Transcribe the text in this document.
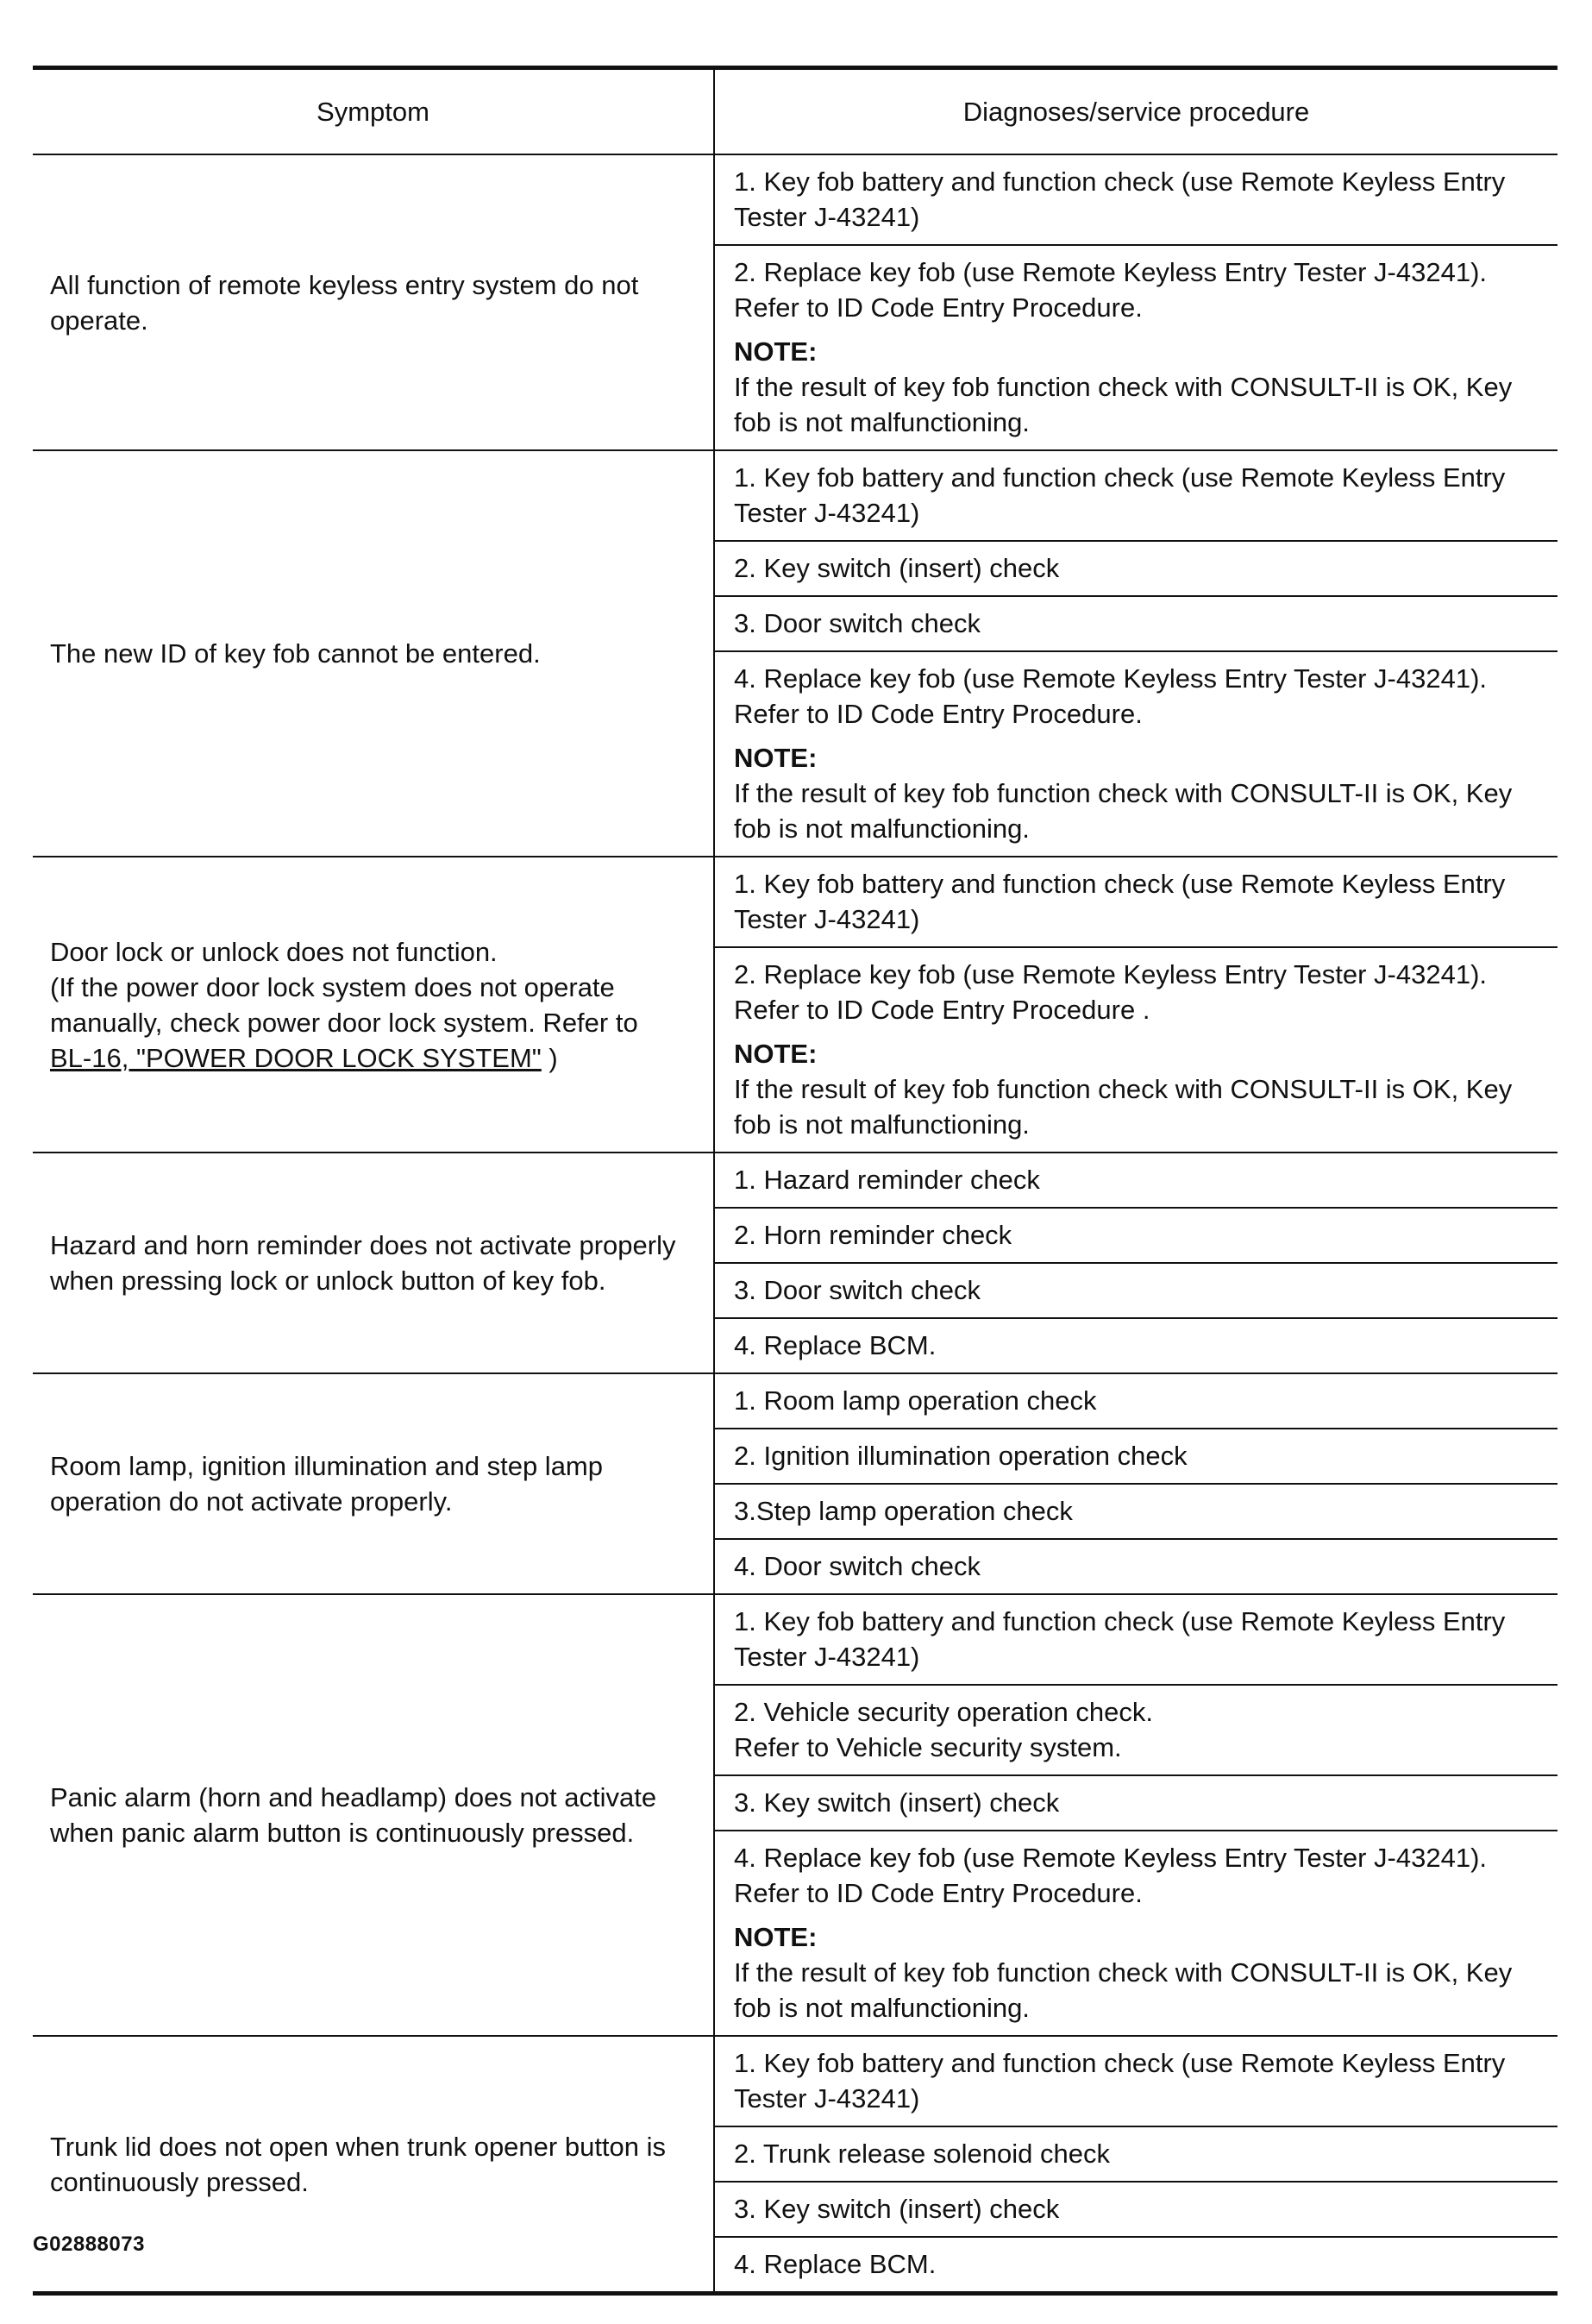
Symptom	Diagnoses/service procedure

All function of remote keyless entry system do not operate.	1. Key fob battery and function check (use Remote Keyless Entry Tester J-43241)

	2. Replace key fob (use Remote Keyless Entry Tester J-43241).
Refer to ID Code Entry Procedure.
NOTE:
If the result of key fob function check with CONSULT-II is OK, Key fob is not malfunctioning.

The new ID of key fob cannot be entered.	1. Key fob battery and function check (use Remote Keyless Entry Tester J-43241)

	2. Key switch (insert) check

	3. Door switch check

	4. Replace key fob (use Remote Keyless Entry Tester J-43241).
Refer to ID Code Entry Procedure.
NOTE:
If the result of key fob function check with CONSULT-II is OK, Key fob is not malfunctioning.

Door lock or unlock does not function.
(If the power door lock system does not operate manually, check power door lock system. Refer to
BL-16, "POWER DOOR LOCK SYSTEM" )	1. Key fob battery and function check (use Remote Keyless Entry Tester J-43241)

	2. Replace key fob (use Remote Keyless Entry Tester J-43241).
Refer to ID Code Entry Procedure .
NOTE:
If the result of key fob function check with CONSULT-II is OK, Key fob is not malfunctioning.

Hazard and horn reminder does not activate properly when pressing lock or unlock button of key fob.	1. Hazard reminder check

	2. Horn reminder check

	3. Door switch check

	4. Replace BCM.

Room lamp, ignition illumination and step lamp operation do not activate properly.	1. Room lamp operation check

	2. Ignition illumination operation check

	3.Step lamp operation check

	4. Door switch check

Panic alarm (horn and headlamp) does not activate when panic alarm button is continuously pressed.	1. Key fob battery and function check (use Remote Keyless Entry Tester J-43241)

	2. Vehicle security operation check.
Refer to Vehicle security system.

	3. Key switch (insert) check

	4. Replace key fob (use Remote Keyless Entry Tester J-43241).
Refer to ID Code Entry Procedure.
NOTE:
If the result of key fob function check with CONSULT-II is OK, Key fob is not malfunctioning.

Trunk lid does not open when trunk opener button is continuously pressed.	1. Key fob battery and function check (use Remote Keyless Entry Tester J-43241)

	2. Trunk release solenoid check

	3. Key switch (insert) check

	4. Replace BCM.
G02888073
